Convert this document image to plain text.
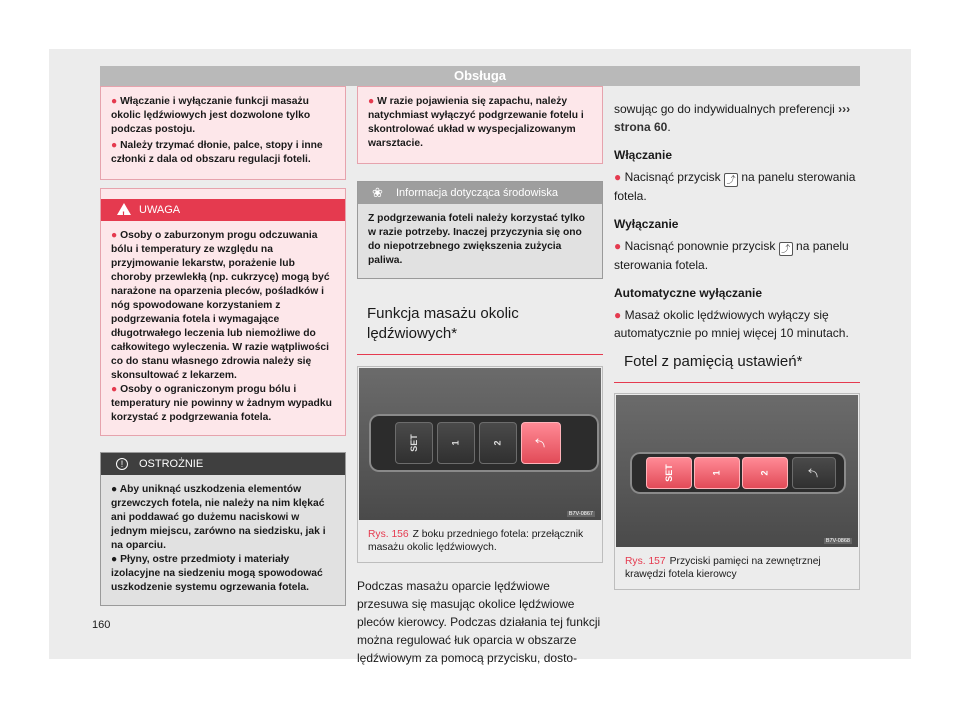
Obsługa

● Włączanie i wyłączanie funkcji masażu okolic lędźwiowych jest dozwolone tylko podczas postoju.

● Należy trzymać dłonie, palce, stopy i inne członki z dala od obszaru regulacji foteli.

!
UWAGA

● Osoby o zaburzonym progu odczuwania bólu i temperatury ze względu na przyjmowanie lekarstw, porażenie lub choroby przewlekłą (np. cukrzycę) mogą być narażone na oparzenia pleców, pośladków i nóg spowodowane korzystaniem z podgrzewania fotela i wymagające długotrwałego leczenia lub niemożliwe do całkowitego wyleczenia. W razie wątpliwości co do stanu własnego zdrowia należy się skonsultować z lekarzem.

● Osoby o ograniczonym progu bólu i temperatury nie powinny w żadnym wypadku korzystać z podgrzewania fotela.

!	OSTROŻNIE

● Aby uniknąć uszkodzenia elementów grzewczych fotela, nie należy na nim klękać ani poddawać go dużemu naciskowi w jednym miejscu, zarówno na siedzisku, jak i na oparciu.

● Płyny, ostre przedmioty i materiały izolacyjne na siedzeniu mogą spowodować uszkodzenie systemu ogrzewania fotela.

● W razie pojawienia się zapachu, należy natychmiast wyłączyć podgrzewanie fotelu i skontrolować układ w wyspecjalizowanym warsztacie.

❀ Informacja dotycząca środowiska
Z podgrzewania foteli należy korzystać tylko w razie potrzeby. Inaczej przyczynia się ono do niepotrzebnego zwiększenia zużycia paliwa.
Funkcja masażu okolic lędźwiowych*
SET	1	2	⤴
B7V-0867
Rys. 156 Z boku przedniego fotela: przełącznik masażu okolic lędźwiowych.
Podczas masażu oparcie lędźwiowe przesuwa się masując okolice lędźwiowe pleców kierowcy. Podczas działania tej funkcji można regulować łuk oparcia w obszarze lędźwiowym za pomocą przycisku, dosto-

sowując go do indywidualnych preferencji ››› strona 60.

Włączanie

● Nacisnąć przycisk ⤴ na panelu sterowania fotela.

Wyłączanie

● Nacisnąć ponownie przycisk ⤴ na panelu sterowania fotela.

Automatyczne wyłączanie

● Masaż okolic lędźwiowych wyłączy się automatycznie po mniej więcej 10 minutach.

Fotel z pamięcią ustawień*
SET	1	2	⤴
B7V-0868
Rys. 157 Przyciski pamięci na zewnętrznej krawędzi fotela kierowcy
160
